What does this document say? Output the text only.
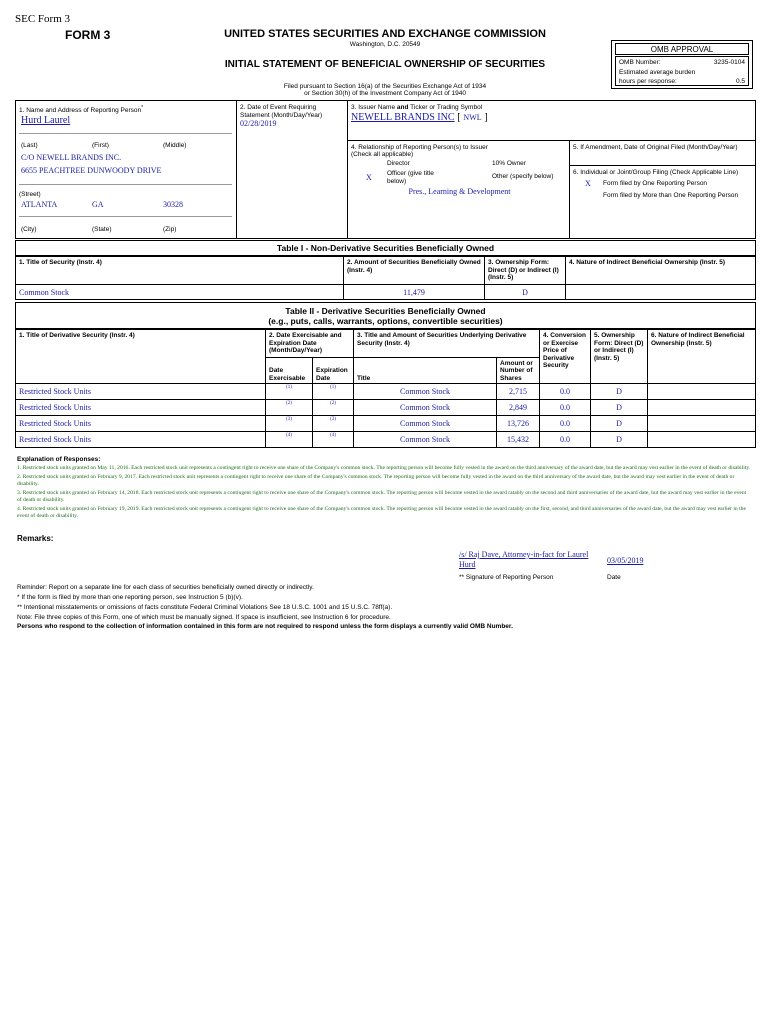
SEC Form 3
FORM 3	UNITED STATES SECURITIES AND EXCHANGE COMMISSION
Washington, D.C. 20549
INITIAL STATEMENT OF BENEFICIAL OWNERSHIP OF SECURITIES
Filed pursuant to Section 16(a) of the Securities Exchange Act of 1934
or Section 30(h) of the Investment Company Act of 1940
OMB APPROVAL
OMB Number:	3235-0104
Estimated average burden
hours per response:	0.5
1. Name and Address of Reporting Person*
Hurd Laurel
(Last)	(First)	(Middle)
C/O NEWELL BRANDS INC.
6655 PEACHTREE DUNWOODY DRIVE
(Street)
ATLANTA	GA	30328
(City)	(State)	(Zip)
2. Date of Event Requiring Statement (Month/Day/Year)
02/28/2019
3. Issuer Name and Ticker or Trading Symbol
NEWELL BRANDS INC [ NWL ]
4. Relationship of Reporting Person(s) to Issuer
(Check all applicable)
Director	10% Owner
X Officer (give title below)
Other (specify below)
Pres., Learning & Development
5. If Amendment, Date of Original Filed (Month/Day/Year)
6. Individual or Joint/Group Filing (Check Applicable Line)
X Form filed by One Reporting Person
Form filed by More than One Reporting Person
Table I - Non-Derivative Securities Beneficially Owned
1. Title of Security (Instr. 4)	2. Amount of Securities Beneficially Owned (Instr. 4)	3. Ownership Form: Direct (D) or Indirect (I) (Instr. 5)	4. Nature of Indirect Beneficial Ownership (Instr. 5)
Common Stock	11,479	D	
Table II - Derivative Securities Beneficially Owned
(e.g., puts, calls, warrants, options, convertible securities)
1. Title of Derivative Security (Instr. 4)	2. Date Exercisable and Expiration Date (Month/Day/Year)		3. Title and Amount of Securities Underlying Derivative Security (Instr. 4)		4. Conversion or Exercise Price of Derivative Security	5. Ownership Form: Direct (D) or Indirect (I) (Instr. 5)	6. Nature of Indirect Beneficial Ownership (Instr. 5)
	Date Exercisable	Expiration Date	Title	Amount or Number of Shares			
Restricted Stock Units	(1)	(1)	Common Stock	2,715	0.0	D	
Restricted Stock Units	(2)	(2)	Common Stock	2,849	0.0	D	
Restricted Stock Units	(3)	(3)	Common Stock	13,726	0.0	D	
Restricted Stock Units	(4)	(4)	Common Stock	15,432	0.0	D	
Explanation of Responses:
1. Restricted stock units granted on May 11, 2016. Each restricted stock unit represents a contingent right to receive one share of the Company's common stock. The reporting person will become fully vested in the award on the third anniversary of the award date, but the award may vest earlier in the event of death or disability.
2. Restricted stock units granted on February 9, 2017. Each restricted stock unit represents a contingent right to receive one share of the Company's common stock. The reporting person will become fully vested in the award on the third anniversary of the award date, but the award may vest earlier in the event of death or disability.
3. Restricted stock units granted on February 14, 2018. Each restricted stock unit represents a contingent right to receive one share of the Company's common stock. The reporting person will become vested in the award ratably on the second and third anniversaries of the award date, but the award may vest earlier in the event of death or disability.
4. Restricted stock units granted on February 19, 2019. Each restricted stock unit represents a contingent right to receive one share of the Company's common stock. The reporting person will become vested in the award ratably on the first, second, and third anniversaries of the award date, but the award may vest earlier in the event of death or disability.
Remarks:
/s/ Raj Dave, Attorney-in-fact for Laurel Hurd	03/05/2019
** Signature of Reporting Person	Date
Reminder: Report on a separate line for each class of securities beneficially owned directly or indirectly.
* If the form is filed by more than one reporting person, see Instruction 5 (b)(v).
** Intentional misstatements or omissions of facts constitute Federal Criminal Violations See 18 U.S.C. 1001 and 15 U.S.C. 78ff(a).
Note: File three copies of this Form, one of which must be manually signed. If space is insufficient, see Instruction 6 for procedure.
Persons who respond to the collection of information contained in this form are not required to respond unless the form displays a currently valid OMB Number.
